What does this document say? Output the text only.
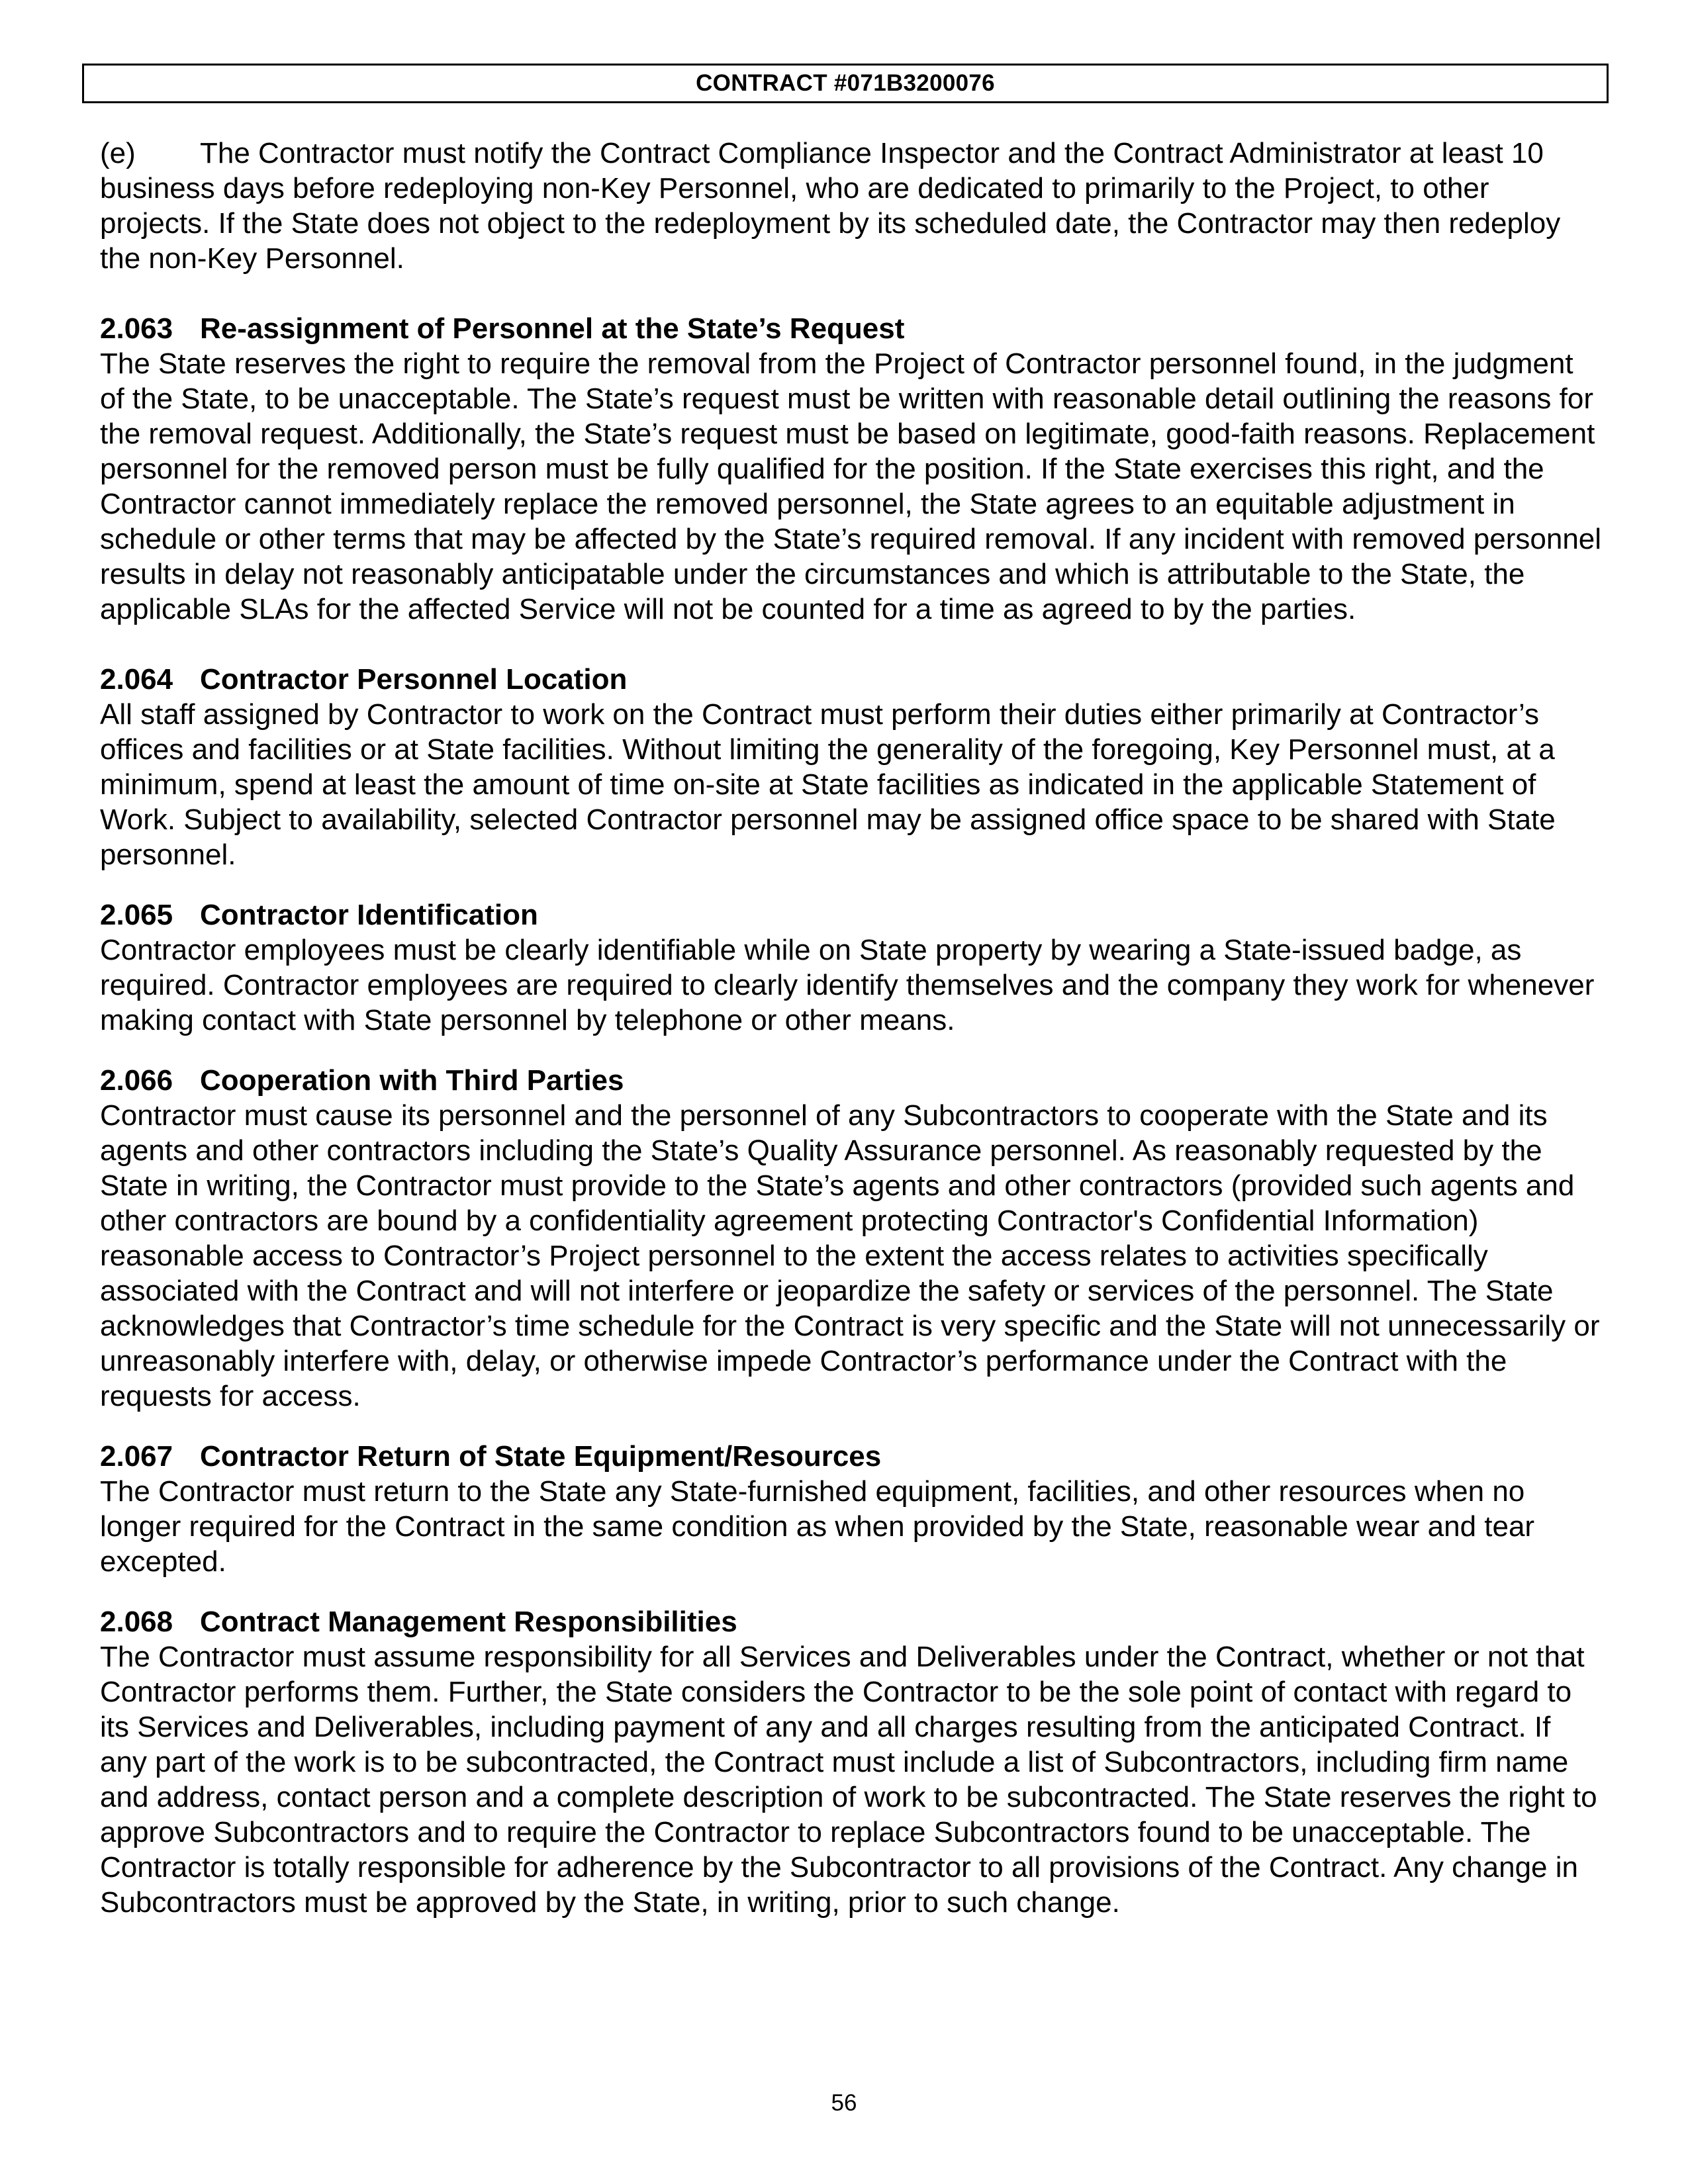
CONTRACT #071B3200076

(e) The Contractor must notify the Contract Compliance Inspector and the Contract Administrator at least 10 business days before redeploying non-Key Personnel, who are dedicated to primarily to the Project, to other projects. If the State does not object to the redeployment by its scheduled date, the Contractor may then redeploy the non-Key Personnel.

2.063 Re-assignment of Personnel at the State’s Request

The State reserves the right to require the removal from the Project of Contractor personnel found, in the judgment of the State, to be unacceptable. The State’s request must be written with reasonable detail outlining the reasons for the removal request. Additionally, the State’s request must be based on legitimate, good-faith reasons. Replacement personnel for the removed person must be fully qualified for the position. If the State exercises this right, and the Contractor cannot immediately replace the removed personnel, the State agrees to an equitable adjustment in schedule or other terms that may be affected by the State’s required removal. If any incident with removed personnel results in delay not reasonably anticipatable under the circumstances and which is attributable to the State, the applicable SLAs for the affected Service will not be counted for a time as agreed to by the parties.

2.064 Contractor Personnel Location

All staff assigned by Contractor to work on the Contract must perform their duties either primarily at Contractor’s offices and facilities or at State facilities. Without limiting the generality of the foregoing, Key Personnel must, at a minimum, spend at least the amount of time on-site at State facilities as indicated in the applicable Statement of Work. Subject to availability, selected Contractor personnel may be assigned office space to be shared with State personnel.

2.065 Contractor Identification

Contractor employees must be clearly identifiable while on State property by wearing a State-issued badge, as required. Contractor employees are required to clearly identify themselves and the company they work for whenever making contact with State personnel by telephone or other means.

2.066 Cooperation with Third Parties

Contractor must cause its personnel and the personnel of any Subcontractors to cooperate with the State and its agents and other contractors including the State’s Quality Assurance personnel. As reasonably requested by the State in writing, the Contractor must provide to the State’s agents and other contractors (provided such agents and other contractors are bound by a confidentiality agreement protecting Contractor's Confidential Information) reasonable access to Contractor’s Project personnel to the extent the access relates to activities specifically associated with the Contract and will not interfere or jeopardize the safety or services of the personnel. The State acknowledges that Contractor’s time schedule for the Contract is very specific and the State will not unnecessarily or unreasonably interfere with, delay, or otherwise impede Contractor’s performance under the Contract with the requests for access.

2.067 Contractor Return of State Equipment/Resources

The Contractor must return to the State any State-furnished equipment, facilities, and other resources when no longer required for the Contract in the same condition as when provided by the State, reasonable wear and tear excepted.

2.068 Contract Management Responsibilities

The Contractor must assume responsibility for all Services and Deliverables under the Contract, whether or not that Contractor performs them. Further, the State considers the Contractor to be the sole point of contact with regard to its Services and Deliverables, including payment of any and all charges resulting from the anticipated Contract. If any part of the work is to be subcontracted, the Contract must include a list of Subcontractors, including firm name and address, contact person and a complete description of work to be subcontracted. The State reserves the right to approve Subcontractors and to require the Contractor to replace Subcontractors found to be unacceptable. The Contractor is totally responsible for adherence by the Subcontractor to all provisions of the Contract. Any change in Subcontractors must be approved by the State, in writing, prior to such change.

56
